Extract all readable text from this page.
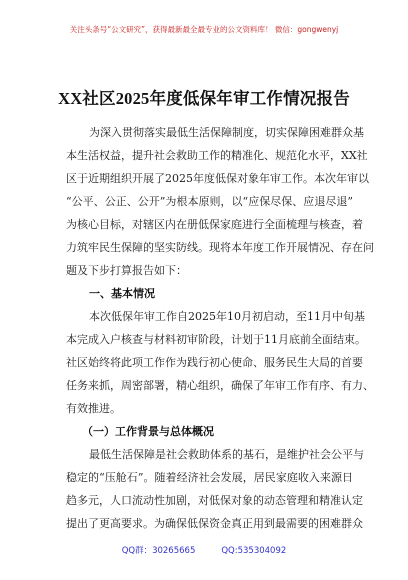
关注头条号“公文研究”，获得最新最全最专业的公文资料库！ 微信：gongwenyj
XX社区2025年度低保年审工作情况报告
为深入贯彻落实最低生活保障制度，切实保障困难群众基
本生活权益，提升社会救助工作的精准化、规范化水平，XX社
区于近期组织开展了2025年度低保对象年审工作。本次年审以
“公平、公正、公开”为根本原则，以“应保尽保、应退尽退”
为核心目标，对辖区内在册低保家庭进行全面梳理与核查，着
力筑牢民生保障的坚实防线。现将本年度工作开展情况、存在问
题及下步打算报告如下：
一、基本情况
本次低保年审工作自2025年10月初启动，至11月中旬基
本完成入户核查与材料初审阶段，计划于11月底前全面结束。
社区始终将此项工作作为践行初心使命、服务民生大局的首要
任务来抓，周密部署，精心组织，确保了年审工作有序、有力、
有效推进。
（一）工作背景与总体概况
最低生活保障是社会救助体系的基石，是维护社会公平与
稳定的“压舱石”。随着经济社会发展，居民家庭收入来源日
趋多元，人口流动性加剧，对低保对象的动态管理和精准认定
提出了更高要求。为确保低保资金真正用到最需要的困难群众
QQ群：30265665	QQ:535304092
